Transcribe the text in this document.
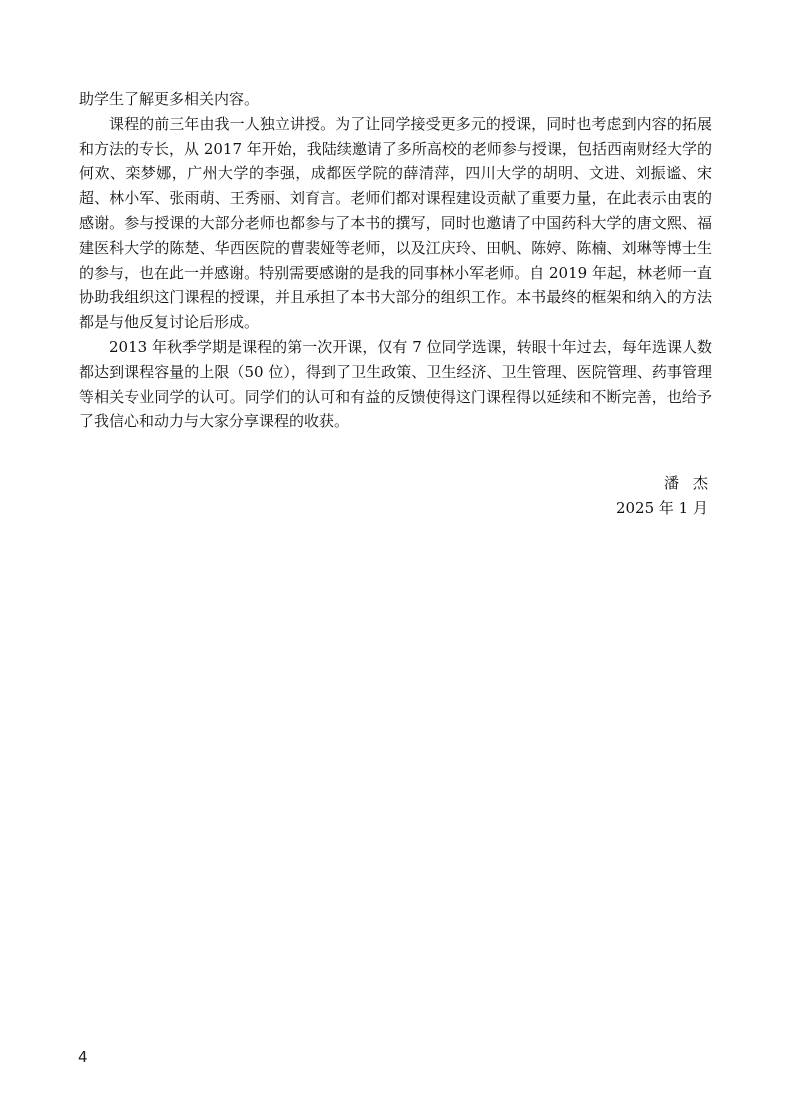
助学生了解更多相关内容。

课程的前三年由我一人独立讲授。为了让同学接受更多元的授课，同时也考虑到内容的拓展和方法的专长，从 2017 年开始，我陆续邀请了多所高校的老师参与授课，包括西南财经大学的何欢、栾梦娜，广州大学的李强，成都医学院的薛清萍，四川大学的胡明、文进、刘振谧、宋超、林小军、张雨萌、王秀丽、刘育言。老师们都对课程建设贡献了重要力量，在此表示由衷的感谢。参与授课的大部分老师也都参与了本书的撰写，同时也邀请了中国药科大学的唐文熙、福建医科大学的陈楚、华西医院的曹裴娅等老师，以及江庆玲、田帆、陈婷、陈楠、刘琳等博士生的参与，也在此一并感谢。特别需要感谢的是我的同事林小军老师。自 2019 年起，林老师一直协助我组织这门课程的授课，并且承担了本书大部分的组织工作。本书最终的框架和纳入的方法都是与他反复讨论后形成。

2013 年秋季学期是课程的第一次开课，仅有 7 位同学选课，转眼十年过去，每年选课人数都达到课程容量的上限（50 位），得到了卫生政策、卫生经济、卫生管理、医院管理、药事管理等相关专业同学的认可。同学们的认可和有益的反馈使得这门课程得以延续和不断完善，也给予了我信心和动力与大家分享课程的收获。

潘杰
2025 年 1 月
4
